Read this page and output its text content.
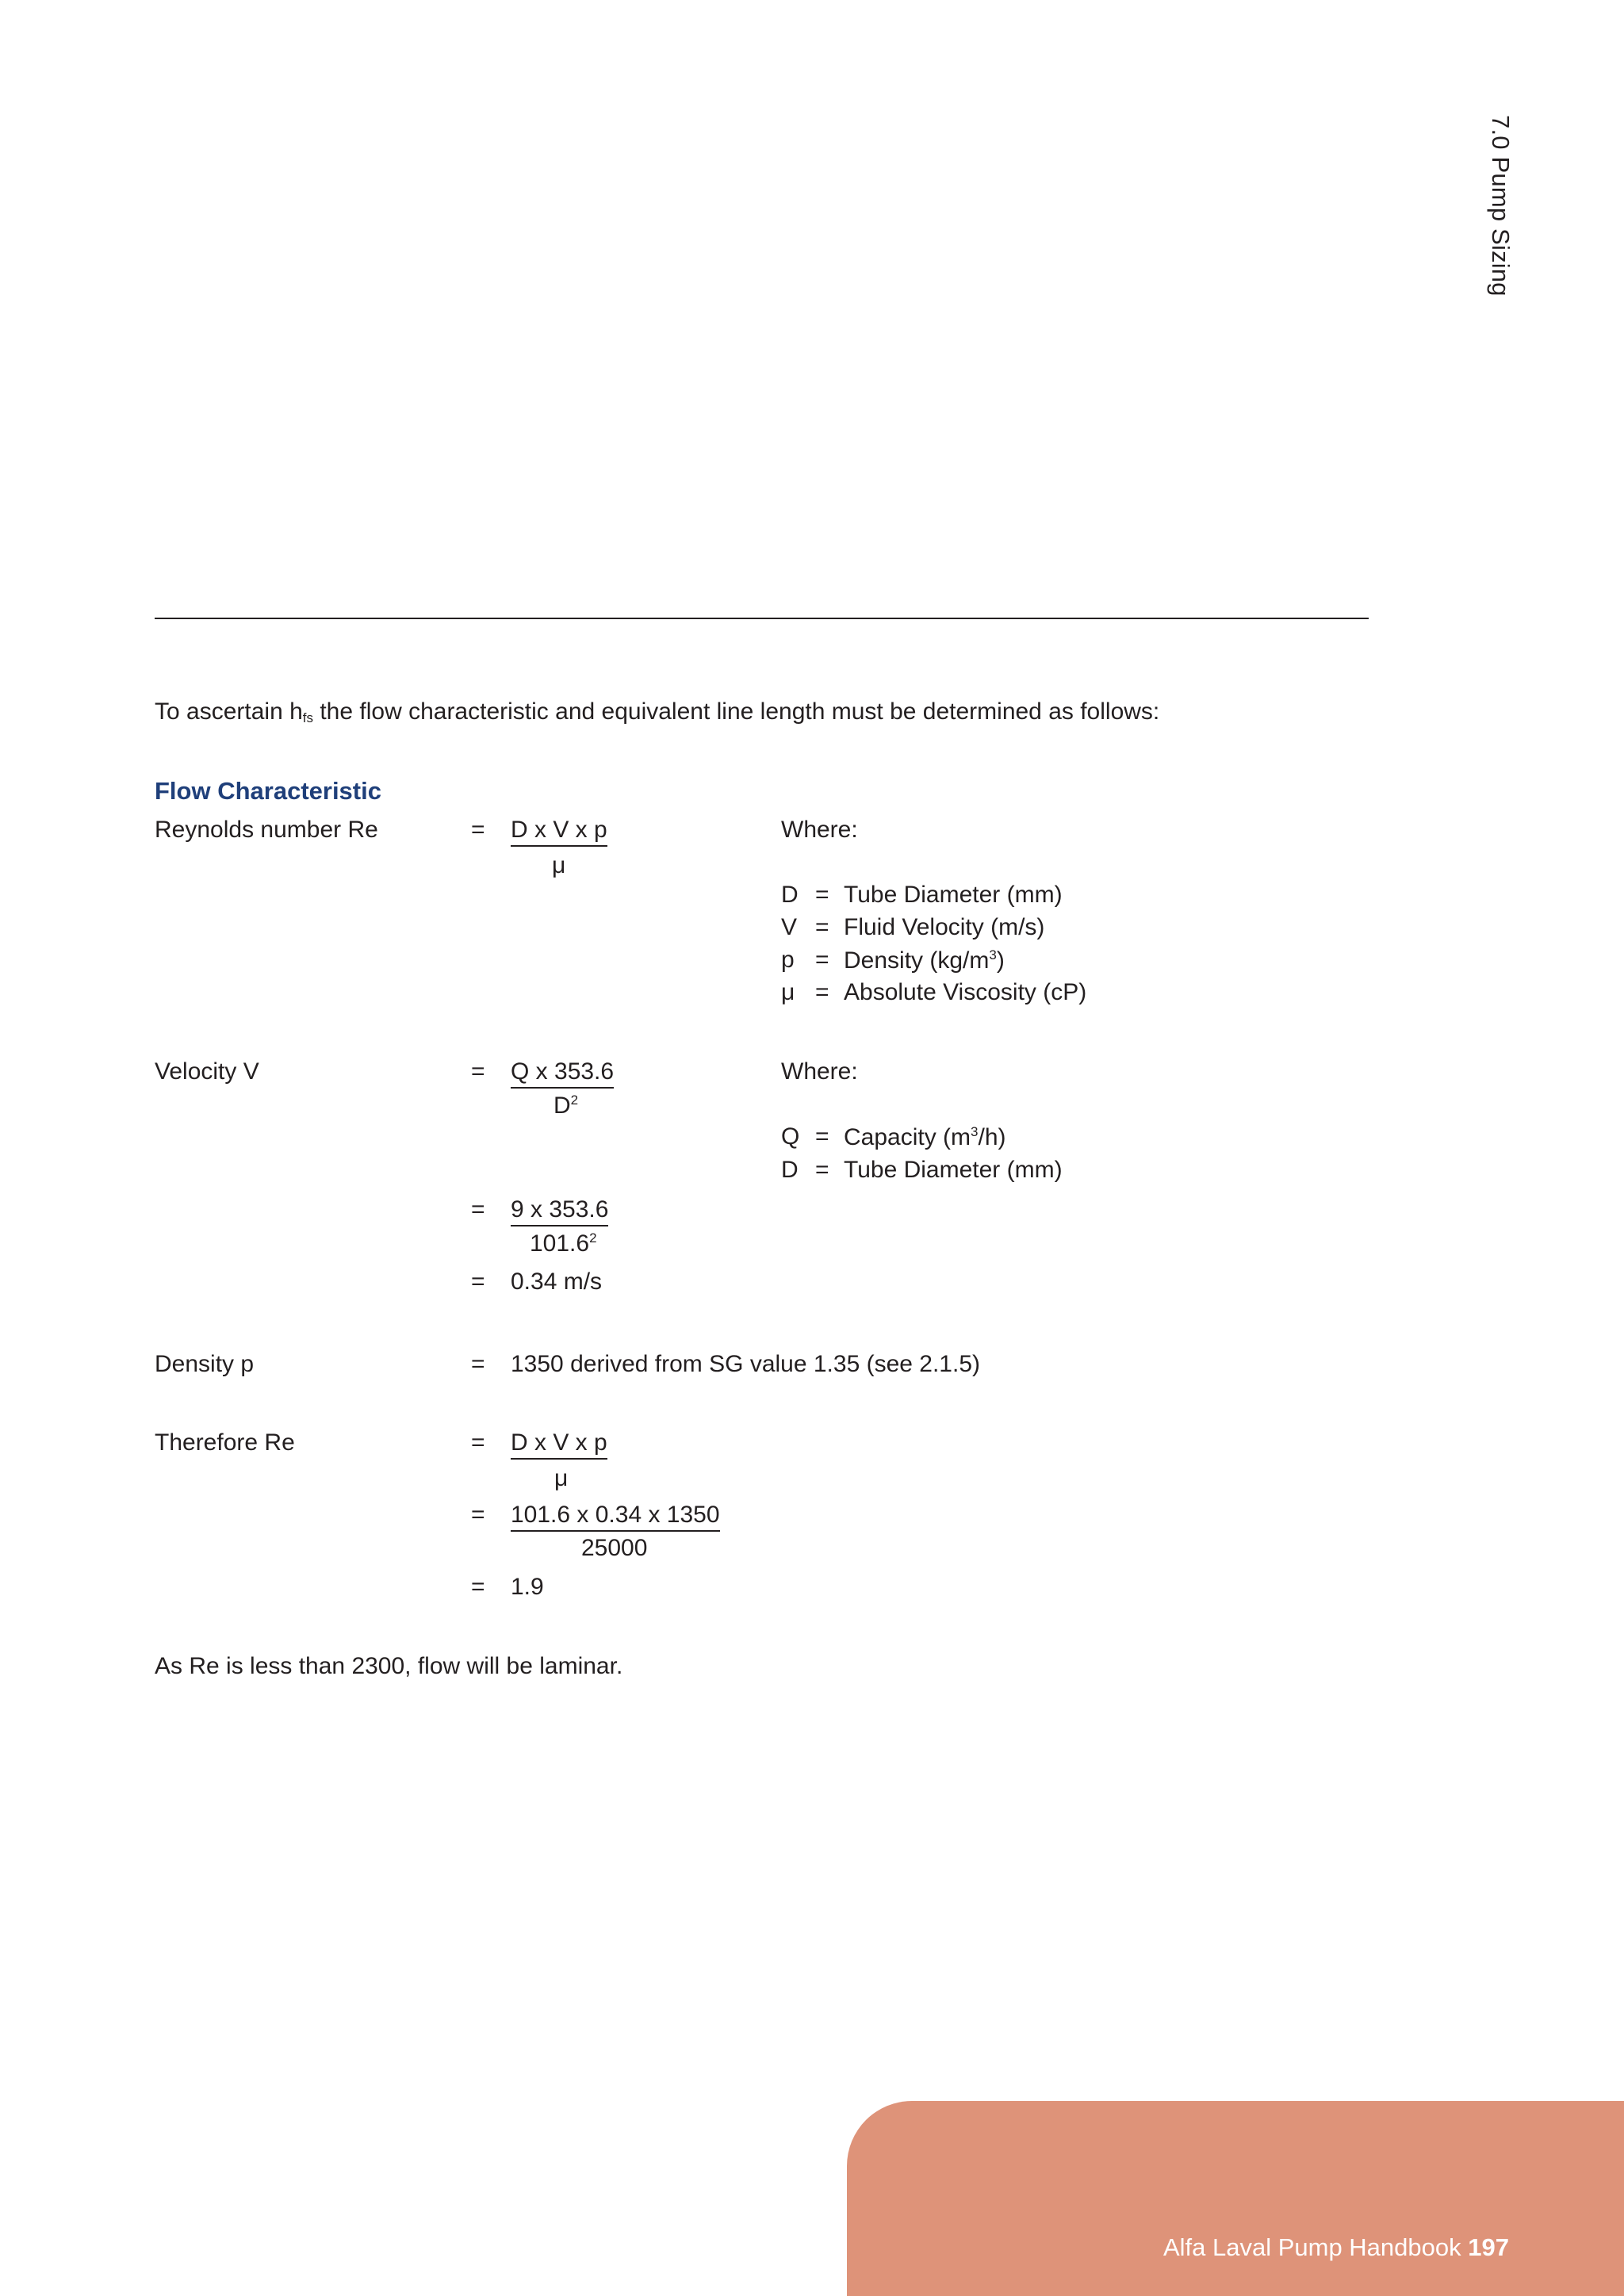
7.0 Pump Sizing
To ascertain $h_{fs}$ the flow characteristic and equivalent line length must be determined as follows:
Flow Characteristic
Reynolds number Re	= D x V x p
μ
Where:
D = Tube Diameter (mm)
V = Fluid Velocity (m/s)
p = Density $(kg/m^3)$
μ = Absolute Viscosity (cP)
Velocity V	= Q x 353.6
$D^2$
Where:
Q = Capacity $(m^3/h)$
D = Tube Diameter (mm)
= 9 x 353.6
$101.6^2$
= 0.34 m/s
Density p	= 1350 derived from SG value 1.35 (see 2.1.5)
Therefore Re	= D x V x p
μ
= 101.6 x 0.34 x 1350
25000
= 1.9
As Re is less than 2300, flow will be laminar.
Alfa Laval Pump Handbook 197
